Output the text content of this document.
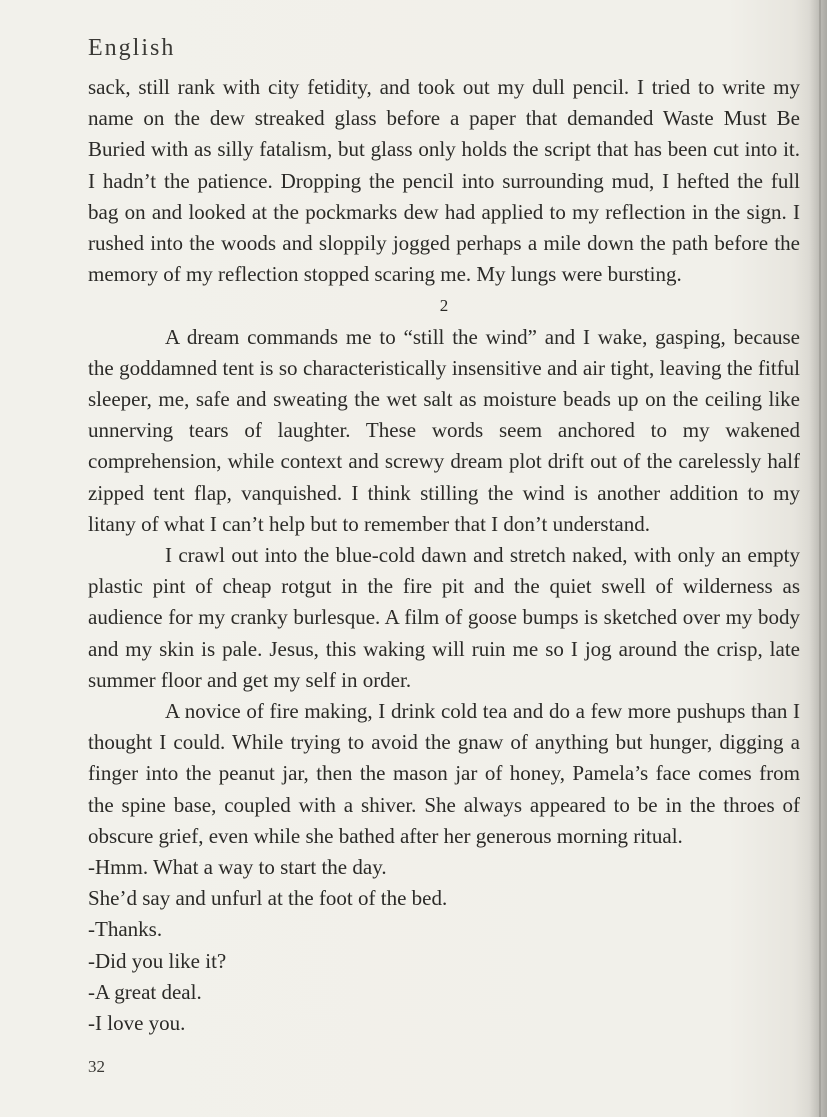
English

sack, still rank with city fetidity, and took out my dull pencil. I tried to write my name on the dew streaked glass before a paper that demanded Waste Must Be Buried with as silly fatalism, but glass only holds the script that has been cut into it. I hadn’t the patience. Dropping the pencil into surrounding mud, I hefted the full bag on and looked at the pockmarks dew had applied to my reflection in the sign. I rushed into the woods and sloppily jogged perhaps a mile down the path before the memory of my reflection stopped scaring me. My lungs were bursting.

2

A dream commands me to “still the wind” and I wake, gasping, because the goddamned tent is so characteristically insensitive and air tight, leaving the fitful sleeper, me, safe and sweating the wet salt as moisture beads up on the ceiling like unnerving tears of laughter. These words seem anchored to my wakened comprehension, while context and screwy dream plot drift out of the carelessly half zipped tent flap, vanquished. I think stilling the wind is another addition to my litany of what I can’t help but to remember that I don’t understand.

I crawl out into the blue-cold dawn and stretch naked, with only an empty plastic pint of cheap rotgut in the fire pit and the quiet swell of wilderness as audience for my cranky burlesque. A film of goose bumps is sketched over my body and my skin is pale. Jesus, this waking will ruin me so I jog around the crisp, late summer floor and get my self in order.

A novice of fire making, I drink cold tea and do a few more pushups than I thought I could. While trying to avoid the gnaw of anything but hunger, digging a finger into the peanut jar, then the mason jar of honey, Pamela’s face comes from the spine base, coupled with a shiver. She always appeared to be in the throes of obscure grief, even while she bathed after her generous morning ritual.

-Hmm. What a way to start the day.

She’d say and unfurl at the foot of the bed.

-Thanks.

-Did you like it?

-A great deal.

-I love you.

32
